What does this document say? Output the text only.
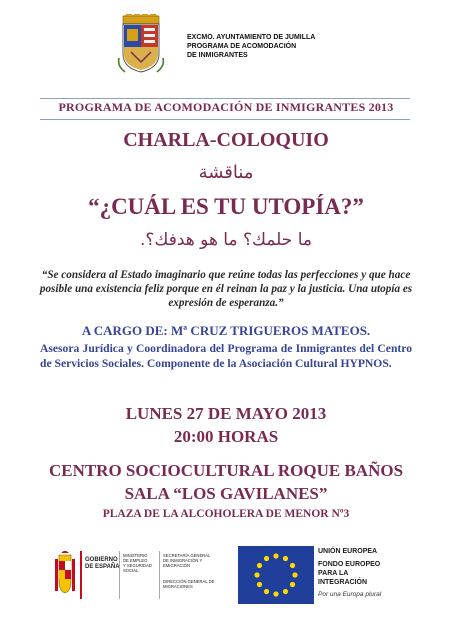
EXCMO. AYUNTAMIENTO DE JUMILLA
PROGRAMA DE ACOMODACIÓN
DE INMIGRANTES
PROGRAMA DE ACOMODACIÓN DE INMIGRANTES 2013
CHARLA-COLOQUIO
مناقشة
“¿CUÁL ES TU UTOPÍA?”
ما حلمك؟ ما هو هدفك؟.
“Se considera al Estado imaginario que reúne todas las perfecciones y que hace posible una existencia feliz porque en él reinan la paz y la justicia. Una utopía es expresión de esperanza.”
A CARGO DE: Mª CRUZ TRIGUEROS MATEOS.
Asesora Jurídica y Coordinadora del Programa de Inmigrantes del Centro de Servicios Sociales. Componente de la Asociación Cultural HYPNOS.
LUNES 27 DE MAYO 2013
20:00 HORAS
CENTRO SOCIOCULTURAL ROQUE BAÑOS
SALA “LOS GAVILANES”
PLAZA DE LA ALCOHOLERA DE MENOR Nº3
GOBIERNO
DE ESPAÑA
MINISTERIO
DE EMPLEO
Y SEGURIDAD SOCIAL
SECRETARÍA GENERAL DE INMIGRACIÓN Y EMIGRACIÓN
DIRECCIÓN GENERAL DE MIGRACIONES
UNIÓN EUROPEA
FONDO EUROPEO
PARA LA
INTEGRACIÓN
Por una Europa plural
